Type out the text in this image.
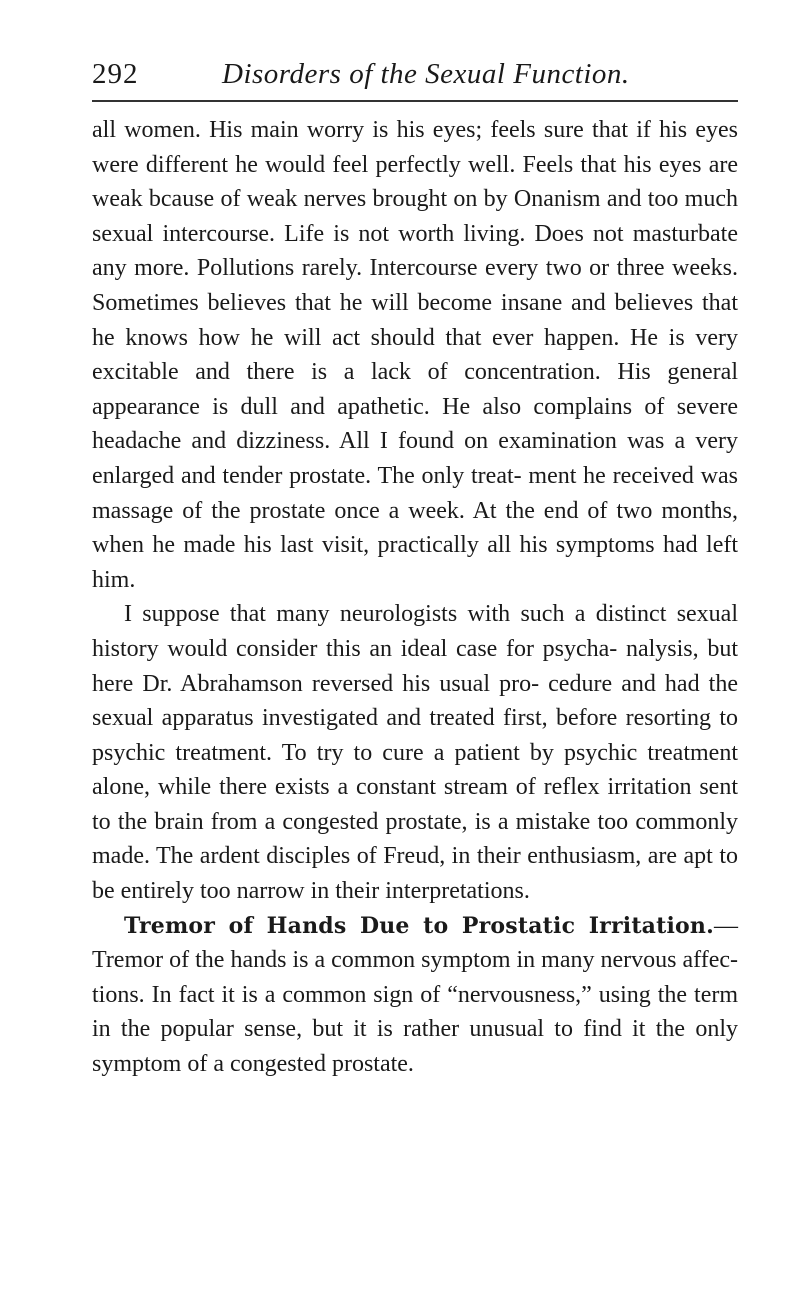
292	Disorders of the Sexual Function.

all women. His main worry is his eyes; feels sure that if his eyes were different he would feel perfectly well. Feels that his eyes are weak bcause of weak nerves brought on by Onanism and too much sexual intercourse. Life is not worth living. Does not masturbate any more. Pollutions rarely. Intercourse every two or three weeks. Sometimes believes that he will become insane and believes that he knows how he will act should that ever happen. He is very excitable and there is a lack of concentration. His general appearance is dull and apathetic. He also complains of severe headache and dizziness. All I found on examination was a very enlarged and tender prostate. The only treat- ment he received was massage of the prostate once a week. At the end of two months, when he made his last visit, practically all his symptoms had left him.

I suppose that many neurologists with such a distinct sexual history would consider this an ideal case for psycha- nalysis, but here Dr. Abrahamson reversed his usual pro- cedure and had the sexual apparatus investigated and treated first, before resorting to psychic treatment. To try to cure a patient by psychic treatment alone, while there exists a constant stream of reflex irritation sent to the brain from a congested prostate, is a mistake too commonly made. The ardent disciples of Freud, in their enthusiasm, are apt to be entirely too narrow in their interpretations.

Tremor of Hands Due to Prostatic Irritation.—Tremor of the hands is a common symptom in many nervous affec- tions. In fact it is a common sign of “nervousness,” using the term in the popular sense, but it is rather unusual to find it the only symptom of a congested prostate.
